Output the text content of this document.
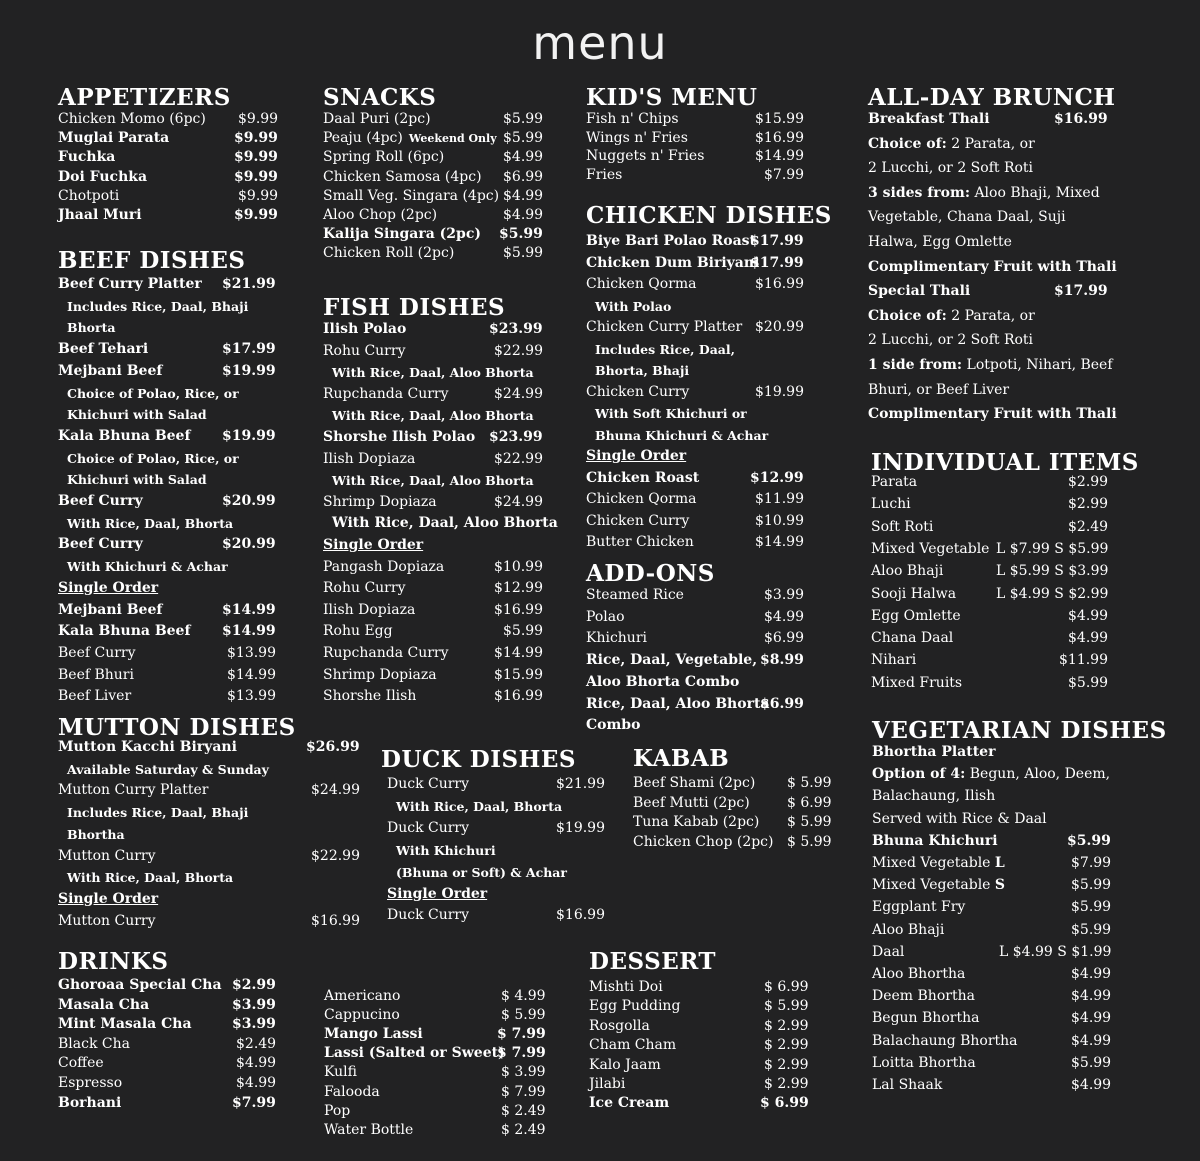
menu
APPETIZERS
Chicken Momo (6pc) $9.99
Muglai Parata	$9.99
Fuchka	$9.99
Doi Fuchka	$9.99
Chotpoti	$9.99
Jhaal Muri	$9.99
BEEF DISHES
Beef Curry Platter $21.99
Includes Rice, Daal, Bhaji
Bhorta
Beef Tehari	$17.99
Mejbani Beef	$19.99
Choice of Polao, Rice, or
Khichuri with Salad
Kala Bhuna Beef $19.99
Choice of Polao, Rice, or
Khichuri with Salad
Beef Curry	$20.99
With Rice, Daal, Bhorta
Beef Curry	$20.99
With Khichuri & Achar
Single Order
Mejbani Beef	$14.99
Kala Bhuna Beef $14.99
Beef Curry	$13.99
Beef Bhuri	$14.99
Beef Liver	$13.99
MUTTON DISHES
Mutton Kacchi Biryani	$26.99
Available Saturday & Sunday
Mutton Curry Platter	$24.99
Includes Rice, Daal, Bhaji
Bhortha
Mutton Curry	$22.99
With Rice, Daal, Bhorta
Single Order
Mutton Curry	$16.99
DRINKS
Ghoroaa Special Cha $2.99
Masala Cha	$3.99
Mint Masala Cha	$3.99
Black Cha	$2.49
Coffee	$4.99
Espresso	$4.99
Borhani	$7.99
SNACKS
Daal Puri (2pc)	$5.99
Peaju (4pc) Weekend Only $5.99
Spring Roll (6pc)	$4.99
Chicken Samosa (4pc) $6.99
Small Veg. Singara (4pc) $4.99
Aloo Chop (2pc)	$4.99
Kalija Singara (2pc) $5.99
Chicken Roll (2pc)	$5.99
FISH DISHES
Ilish Polao	$23.99
Rohu Curry	$22.99
With Rice, Daal, Aloo Bhorta
Rupchanda Curry	$24.99
With Rice, Daal, Aloo Bhorta
Shorshe Ilish Polao $23.99
Ilish Dopiaza	$22.99
With Rice, Daal, Aloo Bhorta
Shrimp Dopiaza	$24.99
With Rice, Daal, Aloo Bhorta
Single Order
Pangash Dopiaza	$10.99
Rohu Curry	$12.99
Ilish Dopiaza	$16.99
Rohu Egg	$5.99
Rupchanda Curry	$14.99
Shrimp Dopiaza	$15.99
Shorshe Ilish	$16.99
DUCK DISHES
Duck Curry	$21.99
With Rice, Daal, Bhorta
Duck Curry	$19.99
With Khichuri
(Bhuna or Soft) & Achar
Single Order
Duck Curry	$16.99
Americano	$ 4.99
Cappucino	$ 5.99
Mango Lassi	$ 7.99
Lassi (Salted or Sweet)
$ 7.99
Kulfi	$ 3.99
Falooda	$ 7.99
Pop	$ 2.49
Water Bottle	$ 2.49
KID'S MENU
Fish n' Chips	$15.99
Wings n' Fries	$16.99
Nuggets n' Fries	$14.99
Fries	$7.99
CHICKEN DISHES
Biye Bari Polao Roast
$17.99
Chicken Dum Biriyani
$17.99
Chicken Qorma	$16.99
With Polao
Chicken Curry Platter $20.99
Includes Rice, Daal,
Bhorta, Bhaji
Chicken Curry	$19.99
With Soft Khichuri or
Bhuna Khichuri & Achar
Single Order
Chicken Roast	$12.99
Chicken Qorma	$11.99
Chicken Curry	$10.99
Butter Chicken	$14.99
ADD-ONS
Steamed Rice	$3.99
Polao	$4.99
Khichuri	$6.99
Rice, Daal, Vegetable, $8.99
Aloo Bhorta Combo
Rice, Daal, Aloo Bhorta
$6.99
Combo
KABAB
Beef Shami (2pc) $ 5.99
Beef Mutti (2pc)	$ 6.99
Tuna Kabab (2pc) $ 5.99
Chicken Chop (2pc) $ 5.99
DESSERT
Mishti Doi	$ 6.99
Egg Pudding	$ 5.99
Rosgolla	$ 2.99
Cham Cham	$ 2.99
Kalo Jaam	$ 2.99
Jilabi	$ 2.99
Ice Cream	$ 6.99
ALL-DAY BRUNCH
Breakfast Thali	$16.99
Choice of: 2 Parata, or
2 Lucchi, or 2 Soft Roti
3 sides from: Aloo Bhaji, Mixed
Vegetable, Chana Daal, Suji
Halwa, Egg Omlette
Complimentary Fruit with Thali
Special Thali	$17.99
Choice of: 2 Parata, or
2 Lucchi, or 2 Soft Roti
1 side from: Lotpoti, Nihari, Beef
Bhuri, or Beef Liver
Complimentary Fruit with Thali
INDIVIDUAL ITEMS
Parata	$2.99
Luchi	$2.99
Soft Roti	$2.49
Mixed Vegetable L $7.99 S $5.99
Aloo Bhaji	L $5.99 S $3.99
Sooji Halwa	L $4.99 S $2.99
Egg Omlette	$4.99
Chana Daal	$4.99
Nihari	$11.99
Mixed Fruits	$5.99
VEGETARIAN DISHES
Bhortha Platter
Option of 4: Begun, Aloo, Deem,
Balachaung, Ilish
Served with Rice & Daal
Bhuna Khichuri	$5.99
Mixed Vegetable L	$7.99
Mixed Vegetable S	$5.99
Eggplant Fry	$5.99
Aloo Bhaji	$5.99
Daal	L $4.99 S $1.99
Aloo Bhortha	$4.99
Deem Bhortha	$4.99
Begun Bhortha	$4.99
Balachaung Bhortha	$4.99
Loitta Bhortha	$5.99
Lal Shaak	$4.99
